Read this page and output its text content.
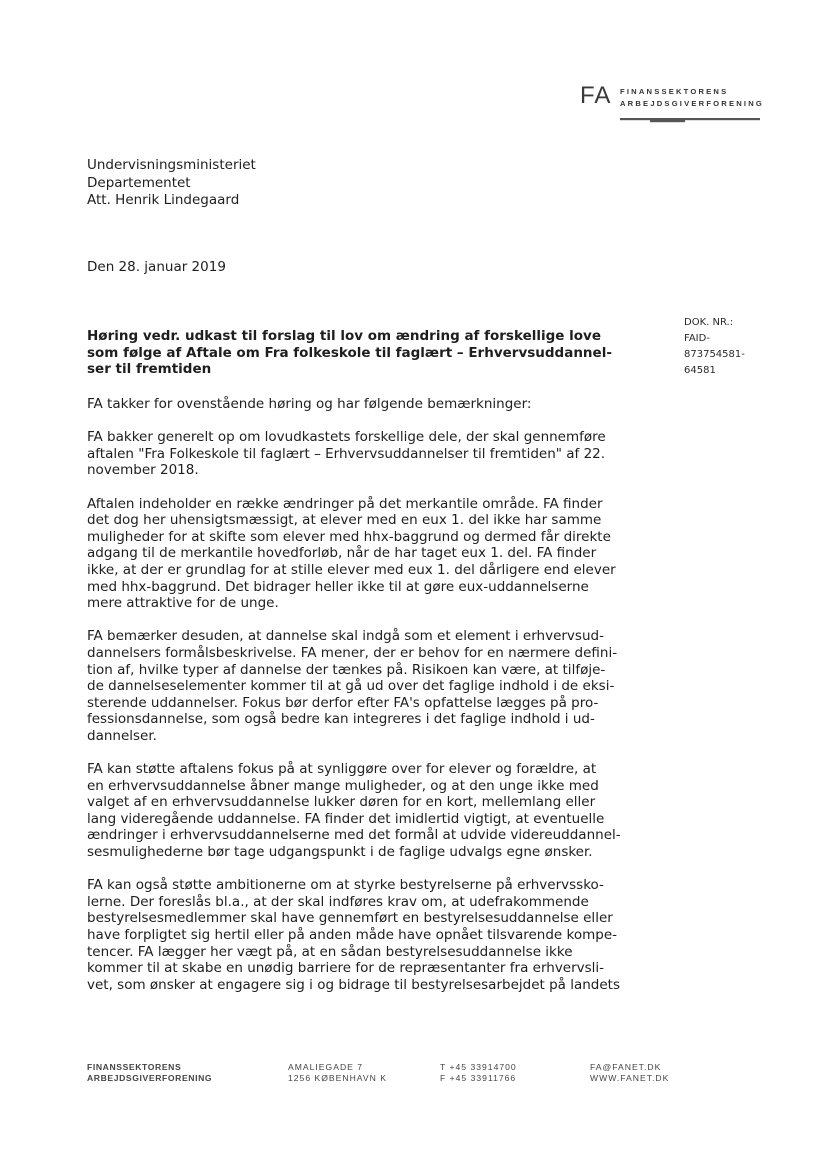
FA FINANSSEKTORENS
ARBEJDSGIVERFORENING
Undervisningsministeriet
Departementet
Att. Henrik Lindegaard
Den 28. januar 2019
DOK. NR.:
FAID-
873754581-
64581
Høring vedr. udkast til forslag til lov om ændring af forskellige love
som følge af Aftale om Fra folkeskole til faglært – Erhvervsuddannel-
ser til fremtiden
FA takker for ovenstående høring og har følgende bemærkninger:
FA bakker generelt op om lovudkastets forskellige dele, der skal gennemføre
aftalen "Fra Folkeskole til faglært – Erhvervsuddannelser til fremtiden" af 22.
november 2018.
Aftalen indeholder en række ændringer på det merkantile område. FA finder
det dog her uhensigtsmæssigt, at elever med en eux 1. del ikke har samme
muligheder for at skifte som elever med hhx-baggrund og dermed får direkte
adgang til de merkantile hovedforløb, når de har taget eux 1. del. FA finder
ikke, at der er grundlag for at stille elever med eux 1. del dårligere end elever
med hhx-baggrund. Det bidrager heller ikke til at gøre eux-uddannelserne
mere attraktive for de unge.
FA bemærker desuden, at dannelse skal indgå som et element i erhvervsud-
dannelsers formålsbeskrivelse. FA mener, der er behov for en nærmere defini-
tion af, hvilke typer af dannelse der tænkes på. Risikoen kan være, at tilføje-
de dannelseselementer kommer til at gå ud over det faglige indhold i de eksi-
sterende uddannelser. Fokus bør derfor efter FA's opfattelse lægges på pro-
fessionsdannelse, som også bedre kan integreres i det faglige indhold i ud-
dannelser.
FA kan støtte aftalens fokus på at synliggøre over for elever og forældre, at
en erhvervsuddannelse åbner mange muligheder, og at den unge ikke med
valget af en erhvervsuddannelse lukker døren for en kort, mellemlang eller
lang videregående uddannelse. FA finder det imidlertid vigtigt, at eventuelle
ændringer i erhvervsuddannelserne med det formål at udvide videreuddannel-
sesmulighederne bør tage udgangspunkt i de faglige udvalgs egne ønsker.
FA kan også støtte ambitionerne om at styrke bestyrelserne på erhvervssko-
lerne. Der foreslås bl.a., at der skal indføres krav om, at udefrakommende
bestyrelsesmedlemmer skal have gennemført en bestyrelsesuddannelse eller
have forpligtet sig hertil eller på anden måde have opnået tilsvarende kompe-
tencer. FA lægger her vægt på, at en sådan bestyrelsesuddannelse ikke
kommer til at skabe en unødig barriere for de repræsentanter fra erhvervsli-
vet, som ønsker at engagere sig i og bidrage til bestyrelsesarbejdet på landets
FINANSSEKTORENS
ARBEJDSGIVERFORENING
AMALIEGADE 7
1256 KØBENHAVN K
T +45 33914700
F +45 33911766
FA@FANET.DK
WWW.FANET.DK
